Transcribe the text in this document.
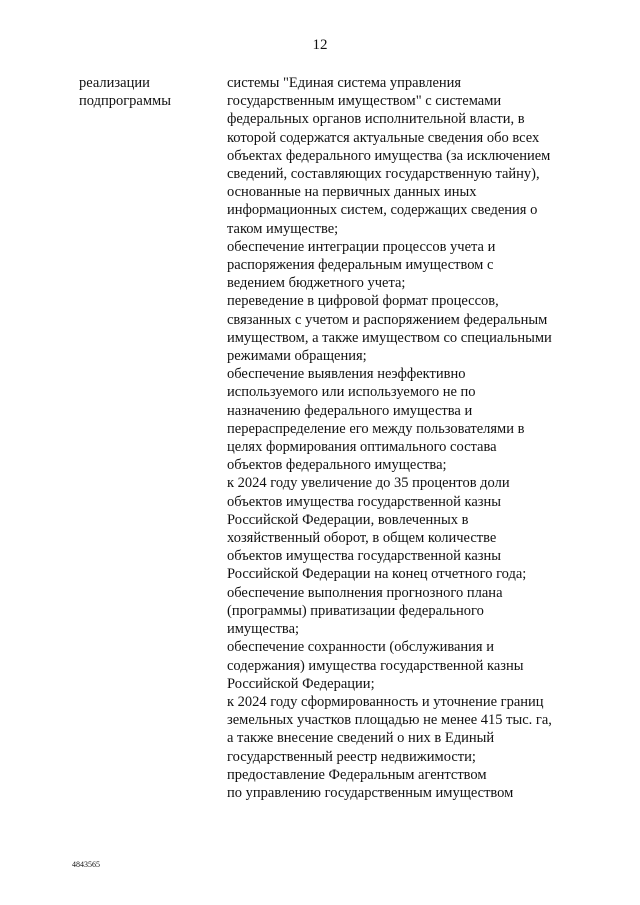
12
реализации
подпрограммы
системы "Единая система управления
государственным имуществом" с системами
федеральных органов исполнительной власти, в
которой содержатся актуальные сведения обо всех
объектах федерального имущества (за исключением
сведений, составляющих государственную тайну),
основанные на первичных данных иных
информационных систем, содержащих сведения о
таком имуществе;
обеспечение интеграции процессов учета и
распоряжения федеральным имуществом с
ведением бюджетного учета;
переведение в цифровой формат процессов,
связанных с учетом и распоряжением федеральным
имуществом, а также имуществом со специальными
режимами обращения;
обеспечение выявления неэффективно
используемого или используемого не по
назначению федерального имущества и
перераспределение его между пользователями в
целях формирования оптимального состава
объектов федерального имущества;
к 2024 году увеличение до 35 процентов доли
объектов имущества государственной казны
Российской Федерации, вовлеченных в
хозяйственный оборот, в общем количестве
объектов имущества государственной казны
Российской Федерации на конец отчетного года;
обеспечение выполнения прогнозного плана
(программы) приватизации федерального
имущества;
обеспечение сохранности (обслуживания и
содержания) имущества государственной казны
Российской Федерации;
к 2024 году сформированность и уточнение границ
земельных участков площадью не менее 415 тыс. га,
а также внесение сведений о них в Единый
государственный реестр недвижимости;
предоставление Федеральным агентством
по управлению государственным имуществом
4843565
